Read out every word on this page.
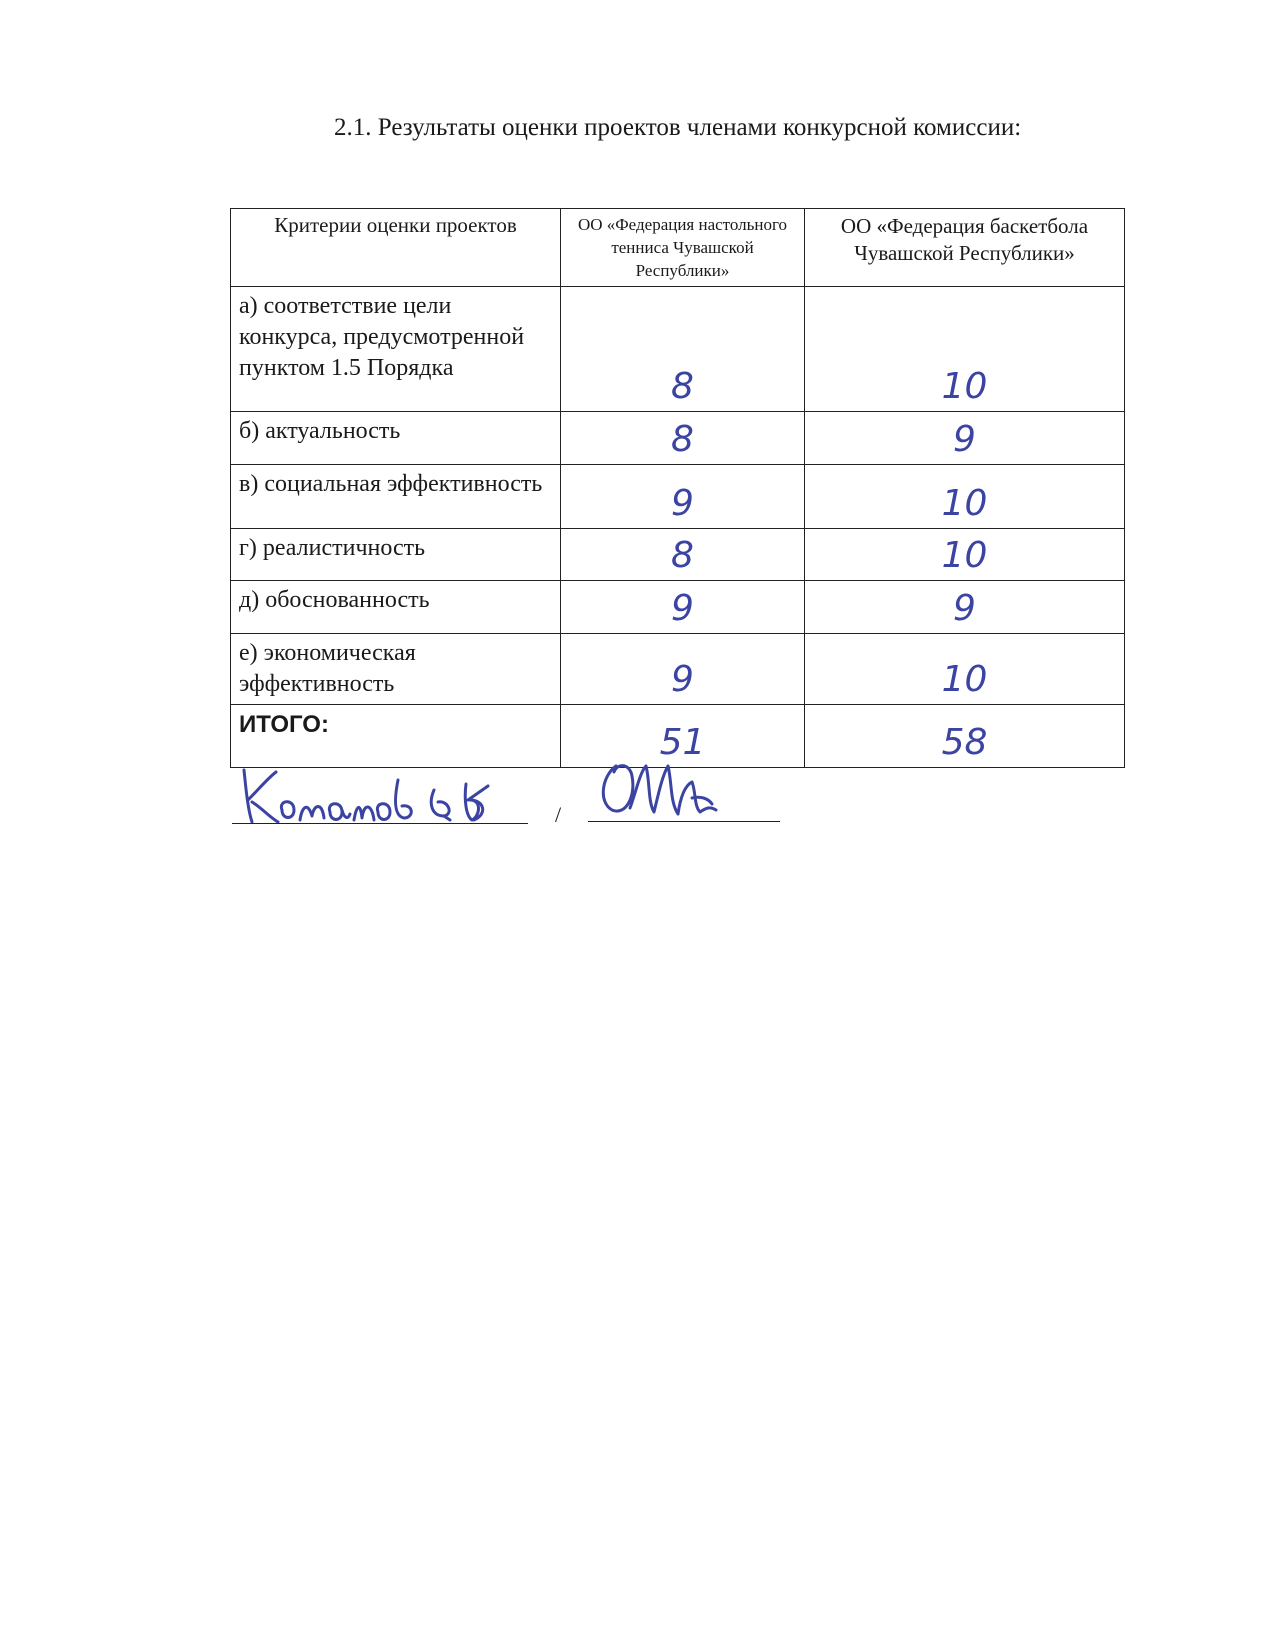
2.1. Результаты оценки проектов членами конкурсной комиссии:
Критерии оценки проектов	ОО «Федерация настольного тенниса Чувашской Республики»	ОО «Федерация баскетбола Чувашской Республики»
а) соответствие цели конкурса, предусмотренной пунктом 1.5 Порядка	8	10

б) актуальность	8	9

в) социальная эффективность	9	10

г) реалистичность	8	10

д) обоснованность	9	9

е) экономическая эффективность	9	10

ИТОГО:	51	58
/
